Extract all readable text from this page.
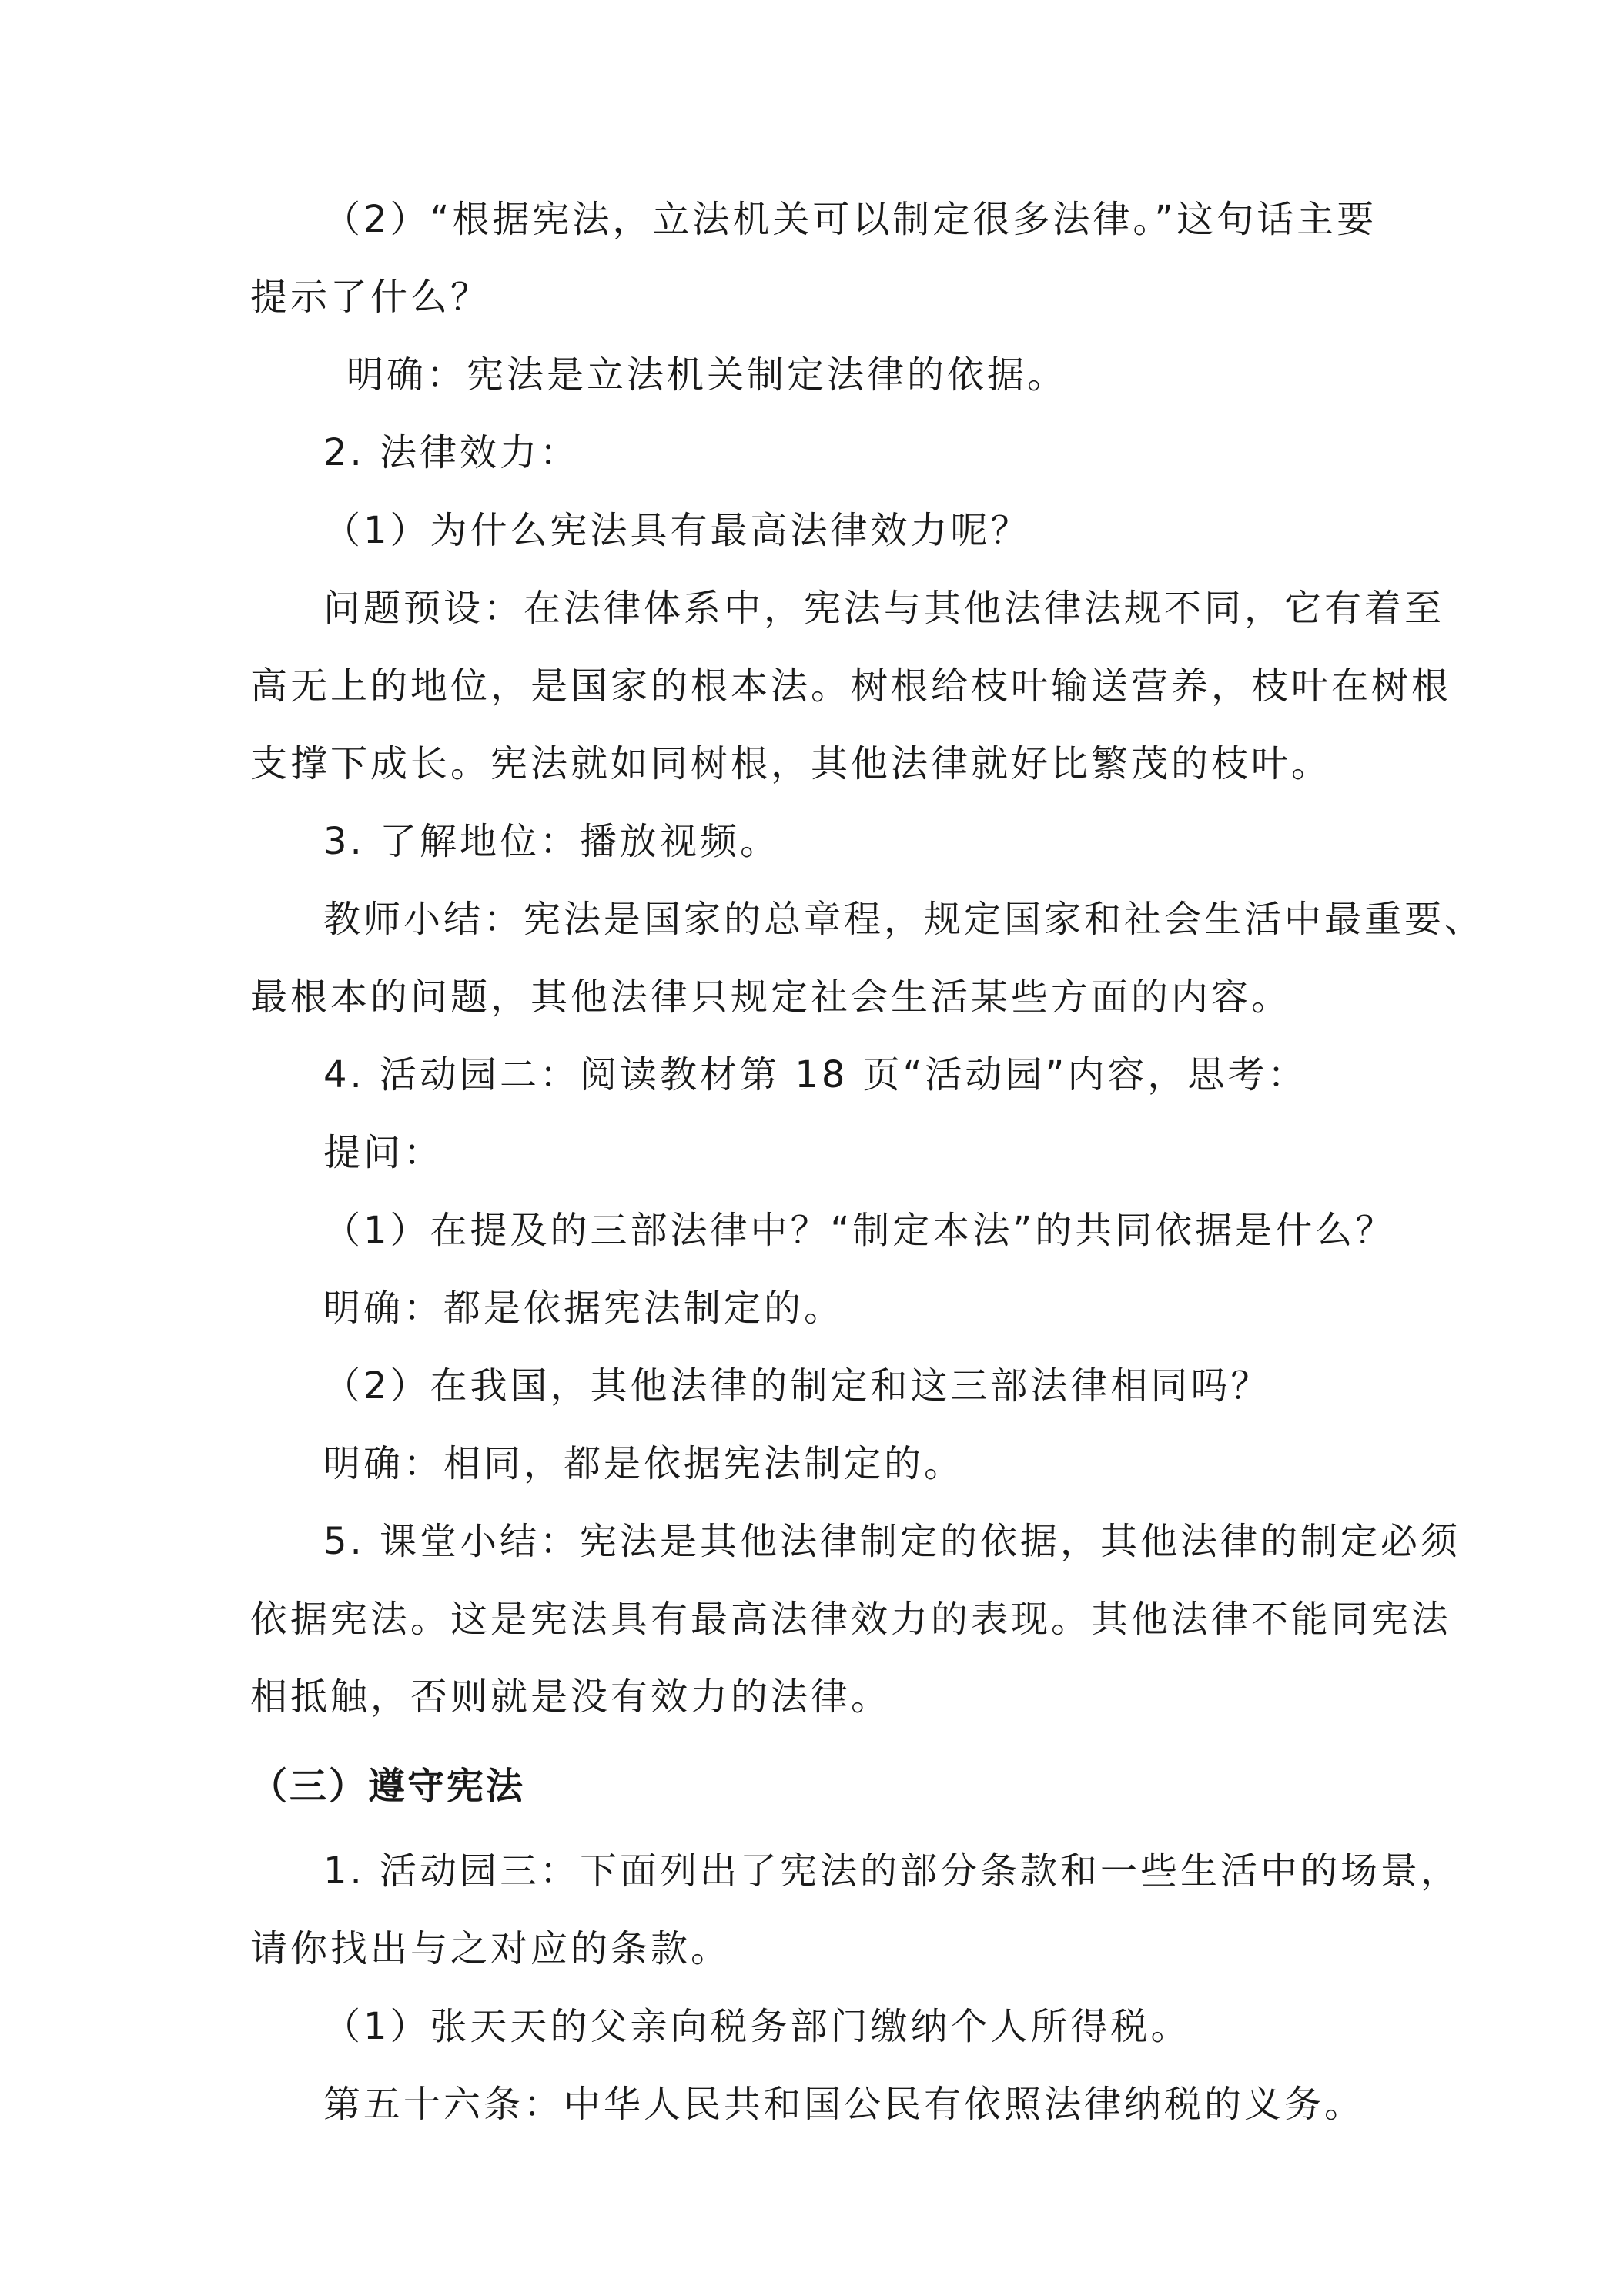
（2）“根据宪法，立法机关可以制定很多法律。”这句话主要
提示了什么？
明确：宪法是立法机关制定法律的依据。
2. 法律效力：
（1）为什么宪法具有最高法律效力呢？
问题预设：在法律体系中，宪法与其他法律法规不同，它有着至
高无上的地位，是国家的根本法。树根给枝叶输送营养，枝叶在树根
支撑下成长。宪法就如同树根，其他法律就好比繁茂的枝叶。
3. 了解地位：播放视频。
教师小结：宪法是国家的总章程，规定国家和社会生活中最重要、
最根本的问题，其他法律只规定社会生活某些方面的内容。
4. 活动园二：阅读教材第 18 页“活动园”内容，思考：
提问：
（1）在提及的三部法律中？“制定本法”的共同依据是什么？
明确：都是依据宪法制定的。
（2）在我国，其他法律的制定和这三部法律相同吗？
明确：相同，都是依据宪法制定的。
5. 课堂小结：宪法是其他法律制定的依据，其他法律的制定必须
依据宪法。这是宪法具有最高法律效力的表现。其他法律不能同宪法
相抵触，否则就是没有效力的法律。
（三）遵守宪法
1. 活动园三：下面列出了宪法的部分条款和一些生活中的场景，
请你找出与之对应的条款。
（1）张天天的父亲向税务部门缴纳个人所得税。
第五十六条：中华人民共和国公民有依照法律纳税的义务。
